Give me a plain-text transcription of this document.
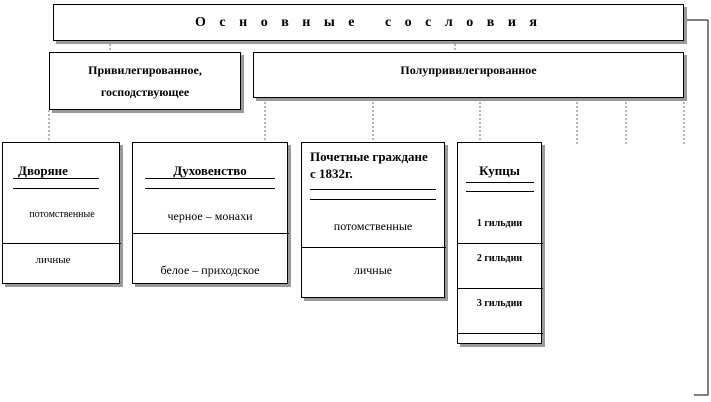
О с н о в н ы е   с о с л о в и я
Привилегированное, господствующее
Полупривилегированное
Дворяне
потомственные
личные
Духовенство
черное – монахи
белое – приходское
Почетные граждане с 1832г.
потомственные
личные
Купцы
1 гильдии
2 гильдии
3 гильдии
